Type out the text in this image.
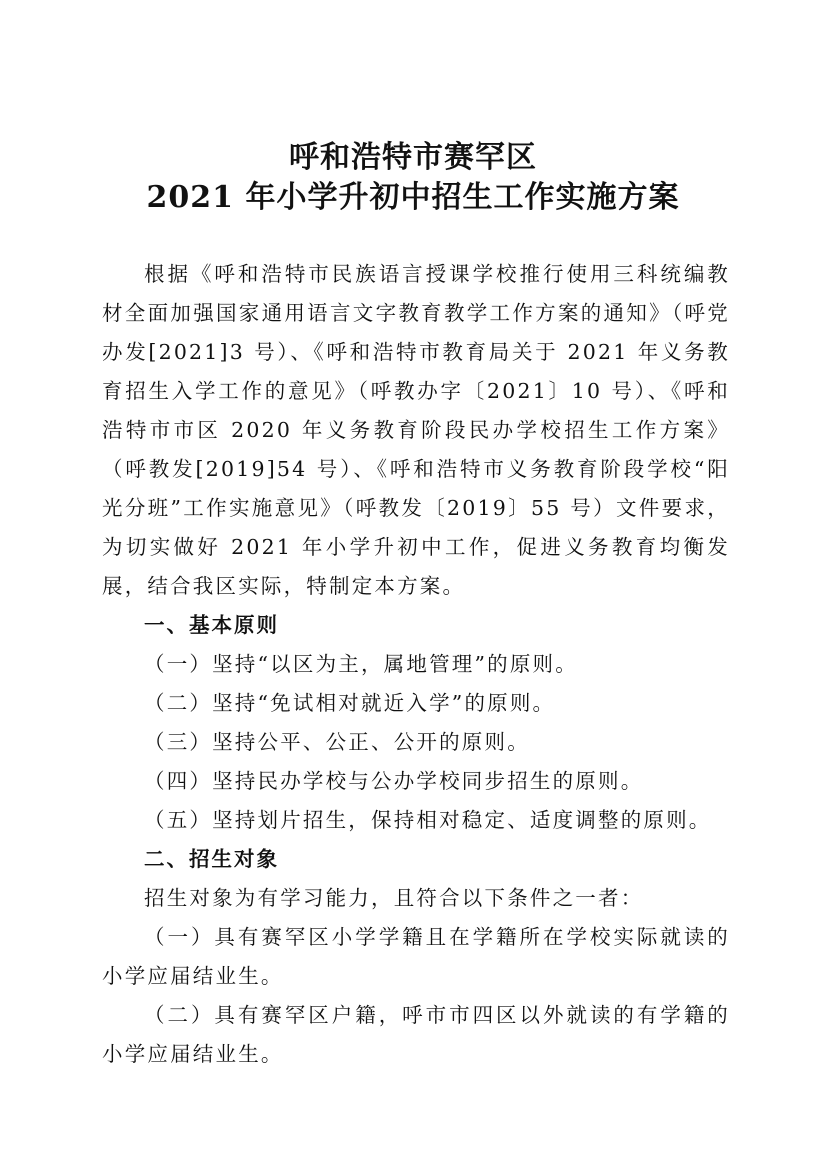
呼和浩特市赛罕区
2021 年小学升初中招生工作实施方案

根据《呼和浩特市民族语言授课学校推行使用三科统编教材全面加强国家通用语言文字教育教学工作方案的通知》（呼党办发[2021]3 号）、《呼和浩特市教育局关于 2021 年义务教育招生入学工作的意见》（呼教办字〔2021〕10 号）、《呼和浩特市市区 2020 年义务教育阶段民办学校招生工作方案》（呼教发[2019]54 号）、《呼和浩特市义务教育阶段学校“阳光分班”工作实施意见》（呼教发〔2019〕55 号）文件要求，为切实做好 2021 年小学升初中工作，促进义务教育均衡发展，结合我区实际，特制定本方案。

一、基本原则

（一）坚持“以区为主，属地管理”的原则。

（二）坚持“免试相对就近入学”的原则。

（三）坚持公平、公正、公开的原则。

（四）坚持民办学校与公办学校同步招生的原则。

（五）坚持划片招生，保持相对稳定、适度调整的原则。

二、招生对象

招生对象为有学习能力，且符合以下条件之一者：

（一）具有赛罕区小学学籍且在学籍所在学校实际就读的小学应届结业生。

（二）具有赛罕区户籍，呼市市四区以外就读的有学籍的小学应届结业生。
